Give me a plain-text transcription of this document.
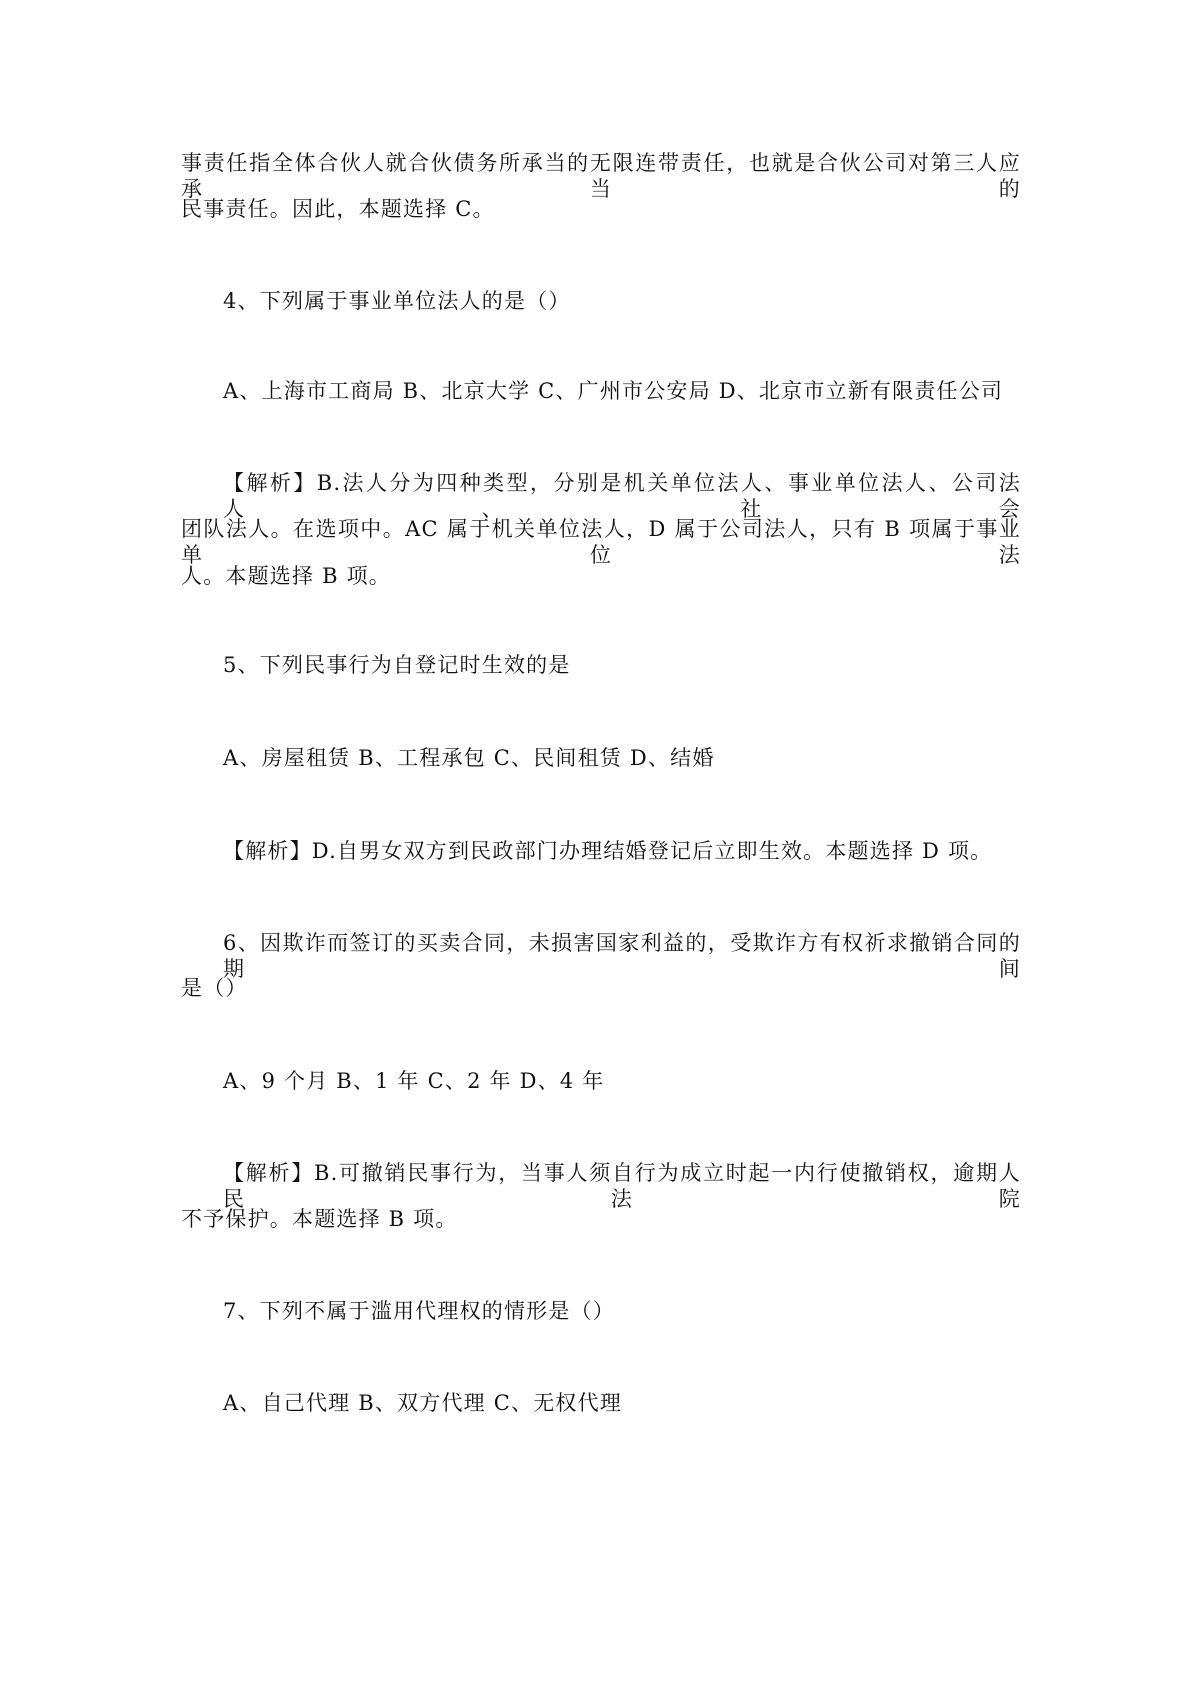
事责任指全体合伙人就合伙债务所承当的无限连带责任，也就是合伙公司对第三人应承当的
民事责任。因此，本题选择 C。
4、下列属于事业单位法人的是（）
A、上海市工商局 B、北京大学 C、广州市公安局 D、北京市立新有限责任公司
【解析】B.法人分为四种类型，分别是机关单位法人、事业单位法人、公司法人、社会
团队法人。在选项中。AC 属于机关单位法人，D 属于公司法人，只有 B 项属于事业单位法
人。本题选择 B 项。
5、下列民事行为自登记时生效的是
A、房屋租赁 B、工程承包 C、民间租赁 D、结婚
【解析】D.自男女双方到民政部门办理结婚登记后立即生效。本题选择 D 项。
6、因欺诈而签订的买卖合同，未损害国家利益的，受欺诈方有权祈求撤销合同的期间
是（）
A、9 个月 B、1 年 C、2 年 D、4 年
【解析】B.可撤销民事行为，当事人须自行为成立时起一内行使撤销权，逾期人民法院
不予保护。本题选择 B 项。
7、下列不属于滥用代理权的情形是（）
A、自己代理 B、双方代理 C、无权代理
